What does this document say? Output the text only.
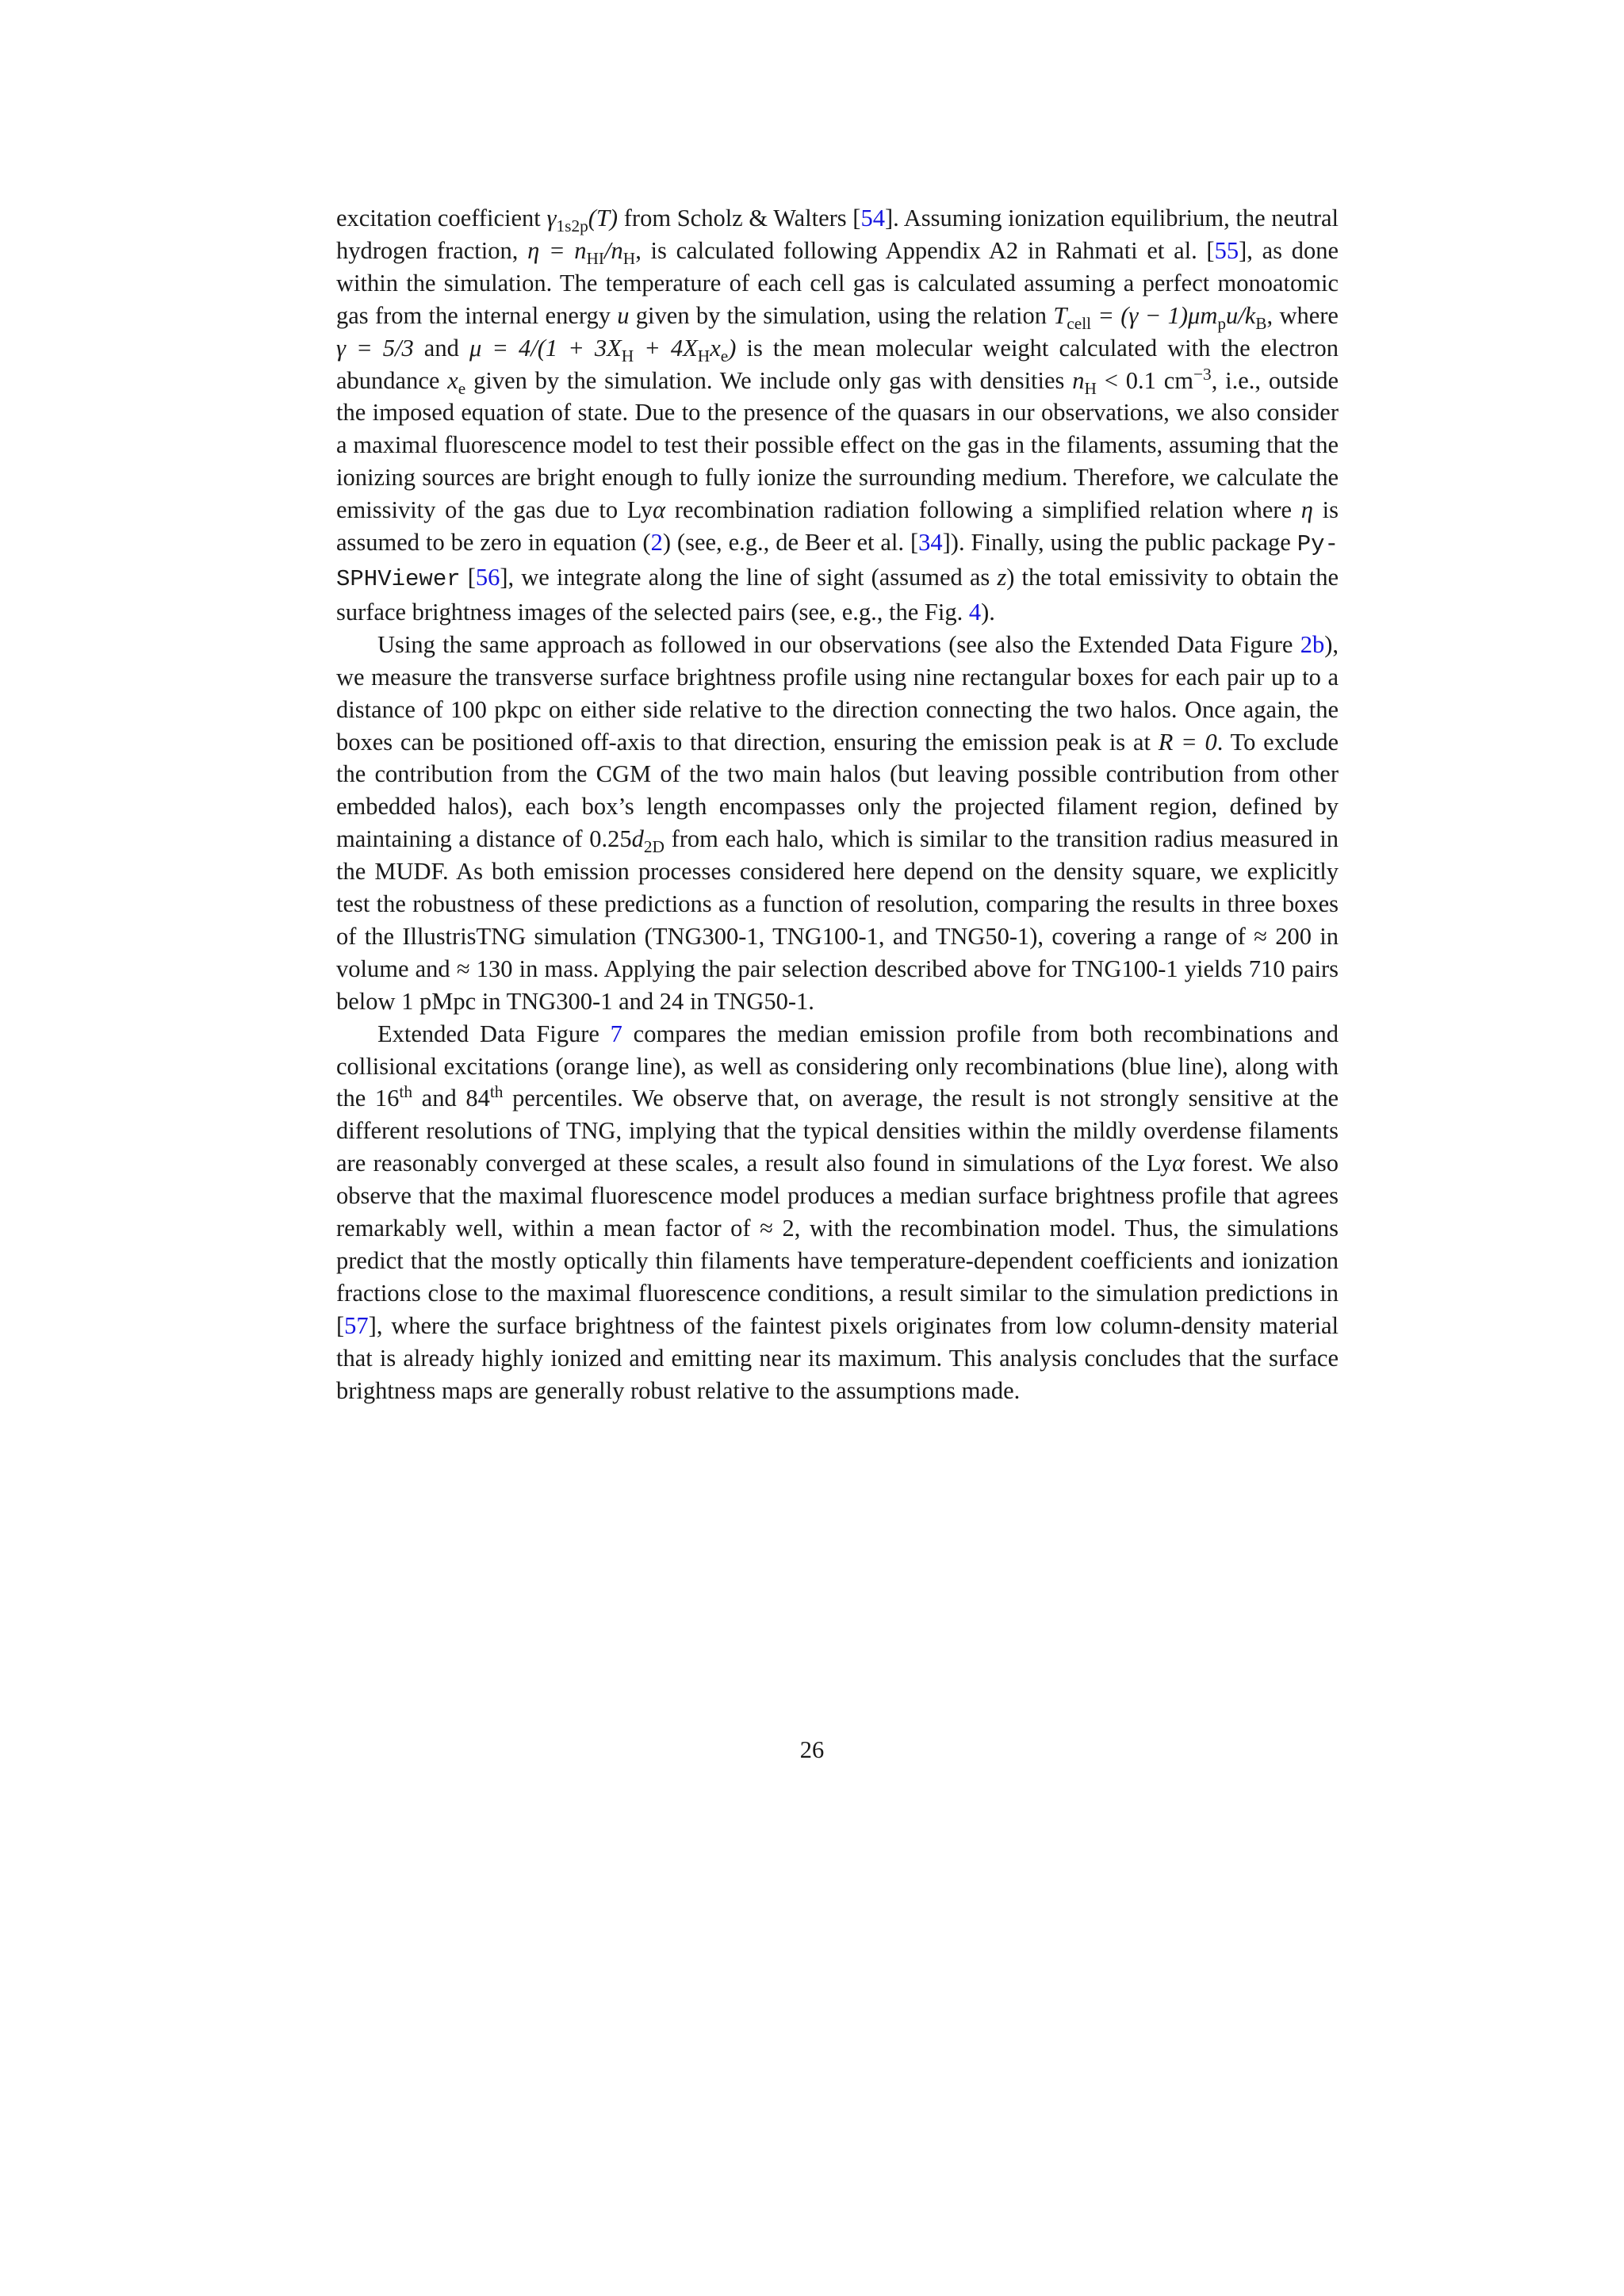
excitation coefficient $\gamma_{1s2p}(T)$ from Scholz & Walters [54]. Assuming ionization equilibrium, the neutral hydrogen fraction, $\eta = n_{HI}/n_H$, is calculated following Appendix A2 in Rahmati et al. [55], as done within the simulation. The temperature of each cell gas is calculated assuming a perfect monoatomic gas from the internal energy u given by the simulation, using the relation $T_{cell} = (\gamma - 1)\mu m_pu/k_B$, where γ = 5/3 and $\mu = 4/(1 + 3X_H + 4X_Hx_e)$ is the mean molecular weight calculated with the electron abundance $x_e$ given by the simulation. We include only gas with densities $n_H < 0.1$ $cm^{-3}$, i.e., outside the imposed equation of state. Due to the presence of the quasars in our observations, we also consider a maximal fluorescence model to test their possible effect on the gas in the filaments, assuming that the ionizing sources are bright enough to fully ionize the surrounding medium. Therefore, we calculate the emissivity of the gas due to Lyα recombination radiation following a simplified relation where η is assumed to be zero in equation (2) (see, e.g., de Beer et al. [34]). Finally, using the public package Py-SPHViewer [56], we integrate along the line of sight (assumed as z) the total emissivity to obtain the surface brightness images of the selected pairs (see, e.g., the Fig. 4).

Using the same approach as followed in our observations (see also the Extended Data Figure 2b), we measure the transverse surface brightness profile using nine rectangular boxes for each pair up to a distance of 100 pkpc on either side relative to the direction connecting the two halos. Once again, the boxes can be positioned off-axis to that direction, ensuring the emission peak is at R = 0. To exclude the contribution from the CGM of the two main halos (but leaving possible contribution from other embedded halos), each box’s length encompasses only the projected filament region, defined by maintaining a distance of $0.25d_{2D}$ from each halo, which is similar to the transition radius measured in the MUDF. As both emission processes considered here depend on the density square, we explicitly test the robustness of these predictions as a function of resolution, comparing the results in three boxes of the IllustrisTNG simulation (TNG300-1, TNG100-1, and TNG50-1), covering a range of ≈ 200 in volume and ≈ 130 in mass. Applying the pair selection described above for TNG100-1 yields 710 pairs below 1 pMpc in TNG300-1 and 24 in TNG50-1.

Extended Data Figure 7 compares the median emission profile from both recombinations and collisional excitations (orange line), as well as considering only recombinations (blue line), along with the 16th and 84th percentiles. We observe that, on average, the result is not strongly sensitive at the different resolutions of TNG, implying that the typical densities within the mildly overdense filaments are reasonably converged at these scales, a result also found in simulations of the Lyα forest. We also observe that the maximal fluorescence model produces a median surface brightness profile that agrees remarkably well, within a mean factor of ≈ 2, with the recombination model. Thus, the simulations predict that the mostly optically thin filaments have temperature-dependent coefficients and ionization fractions close to the maximal fluorescence conditions, a result similar to the simulation predictions in [57], where the surface brightness of the faintest pixels originates from low column-density material that is already highly ionized and emitting near its maximum. This analysis concludes that the surface brightness maps are generally robust relative to the assumptions made.

26
